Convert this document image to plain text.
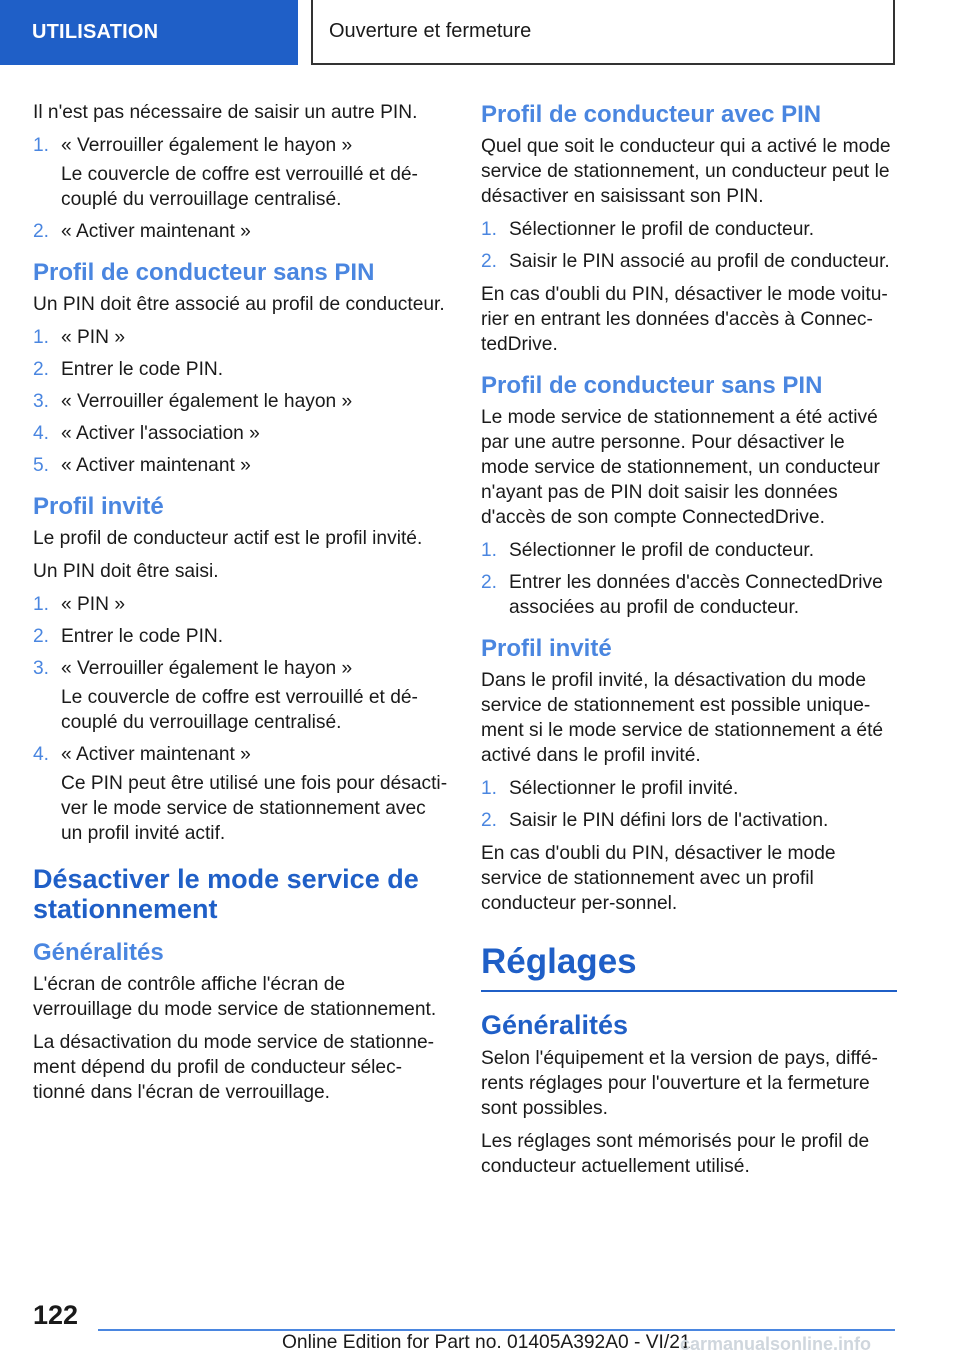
UTILISATION	Ouverture et fermeture

Il n'est pas nécessaire de saisir un autre PIN.

1. « Verrouiller également le hayon »
Le couvercle de coffre est verrouillé et dé-couplé du verrouillage centralisé.
2. « Activer maintenant »
Profil de conducteur sans PIN

Un PIN doit être associé au profil de conducteur.

1. « PIN »
2. Entrer le code PIN.
3. « Verrouiller également le hayon »
4. « Activer l'association »
5. « Activer maintenant »
Profil invité

Le profil de conducteur actif est le profil invité.

Un PIN doit être saisi.

1. « PIN »
2. Entrer le code PIN.
3. « Verrouiller également le hayon »
Le couvercle de coffre est verrouillé et dé-couplé du verrouillage centralisé.
4. « Activer maintenant »
Ce PIN peut être utilisé une fois pour désacti-ver le mode service de stationnement avec un profil invité actif.
Désactiver le mode service de stationnement
Généralités

L'écran de contrôle affiche l'écran de verrouillage du mode service de stationnement.

La désactivation du mode service de stationne-ment dépend du profil de conducteur sélec-tionné dans l'écran de verrouillage.

Profil de conducteur avec PIN

Quel que soit le conducteur qui a activé le mode service de stationnement, un conducteur peut le désactiver en saisissant son PIN.

1. Sélectionner le profil de conducteur.
2. Saisir le PIN associé au profil de conducteur.

En cas d'oubli du PIN, désactiver le mode voitu-rier en entrant les données d'accès à Connec-tedDrive.

Profil de conducteur sans PIN

Le mode service de stationnement a été activé par une autre personne. Pour désactiver le mode service de stationnement, un conducteur n'ayant pas de PIN doit saisir les données d'accès de son compte ConnectedDrive.

1. Sélectionner le profil de conducteur.
2. Entrer les données d'accès ConnectedDrive associées au profil de conducteur.
Profil invité

Dans le profil invité, la désactivation du mode service de stationnement est possible unique-ment si le mode service de stationnement a été activé dans le profil invité.

1. Sélectionner le profil invité.
2. Saisir le PIN défini lors de l'activation.

En cas d'oubli du PIN, désactiver le mode service de stationnement avec un profil conducteur per-sonnel.

Réglages
Généralités

Selon l'équipement et la version de pays, diffé-rents réglages pour l'ouverture et la fermeture sont possibles.

Les réglages sont mémorisés pour le profil de conducteur actuellement utilisé.

122
Online Edition for Part no. 01405A392A0 - VI/21
carmanualsonline.info
